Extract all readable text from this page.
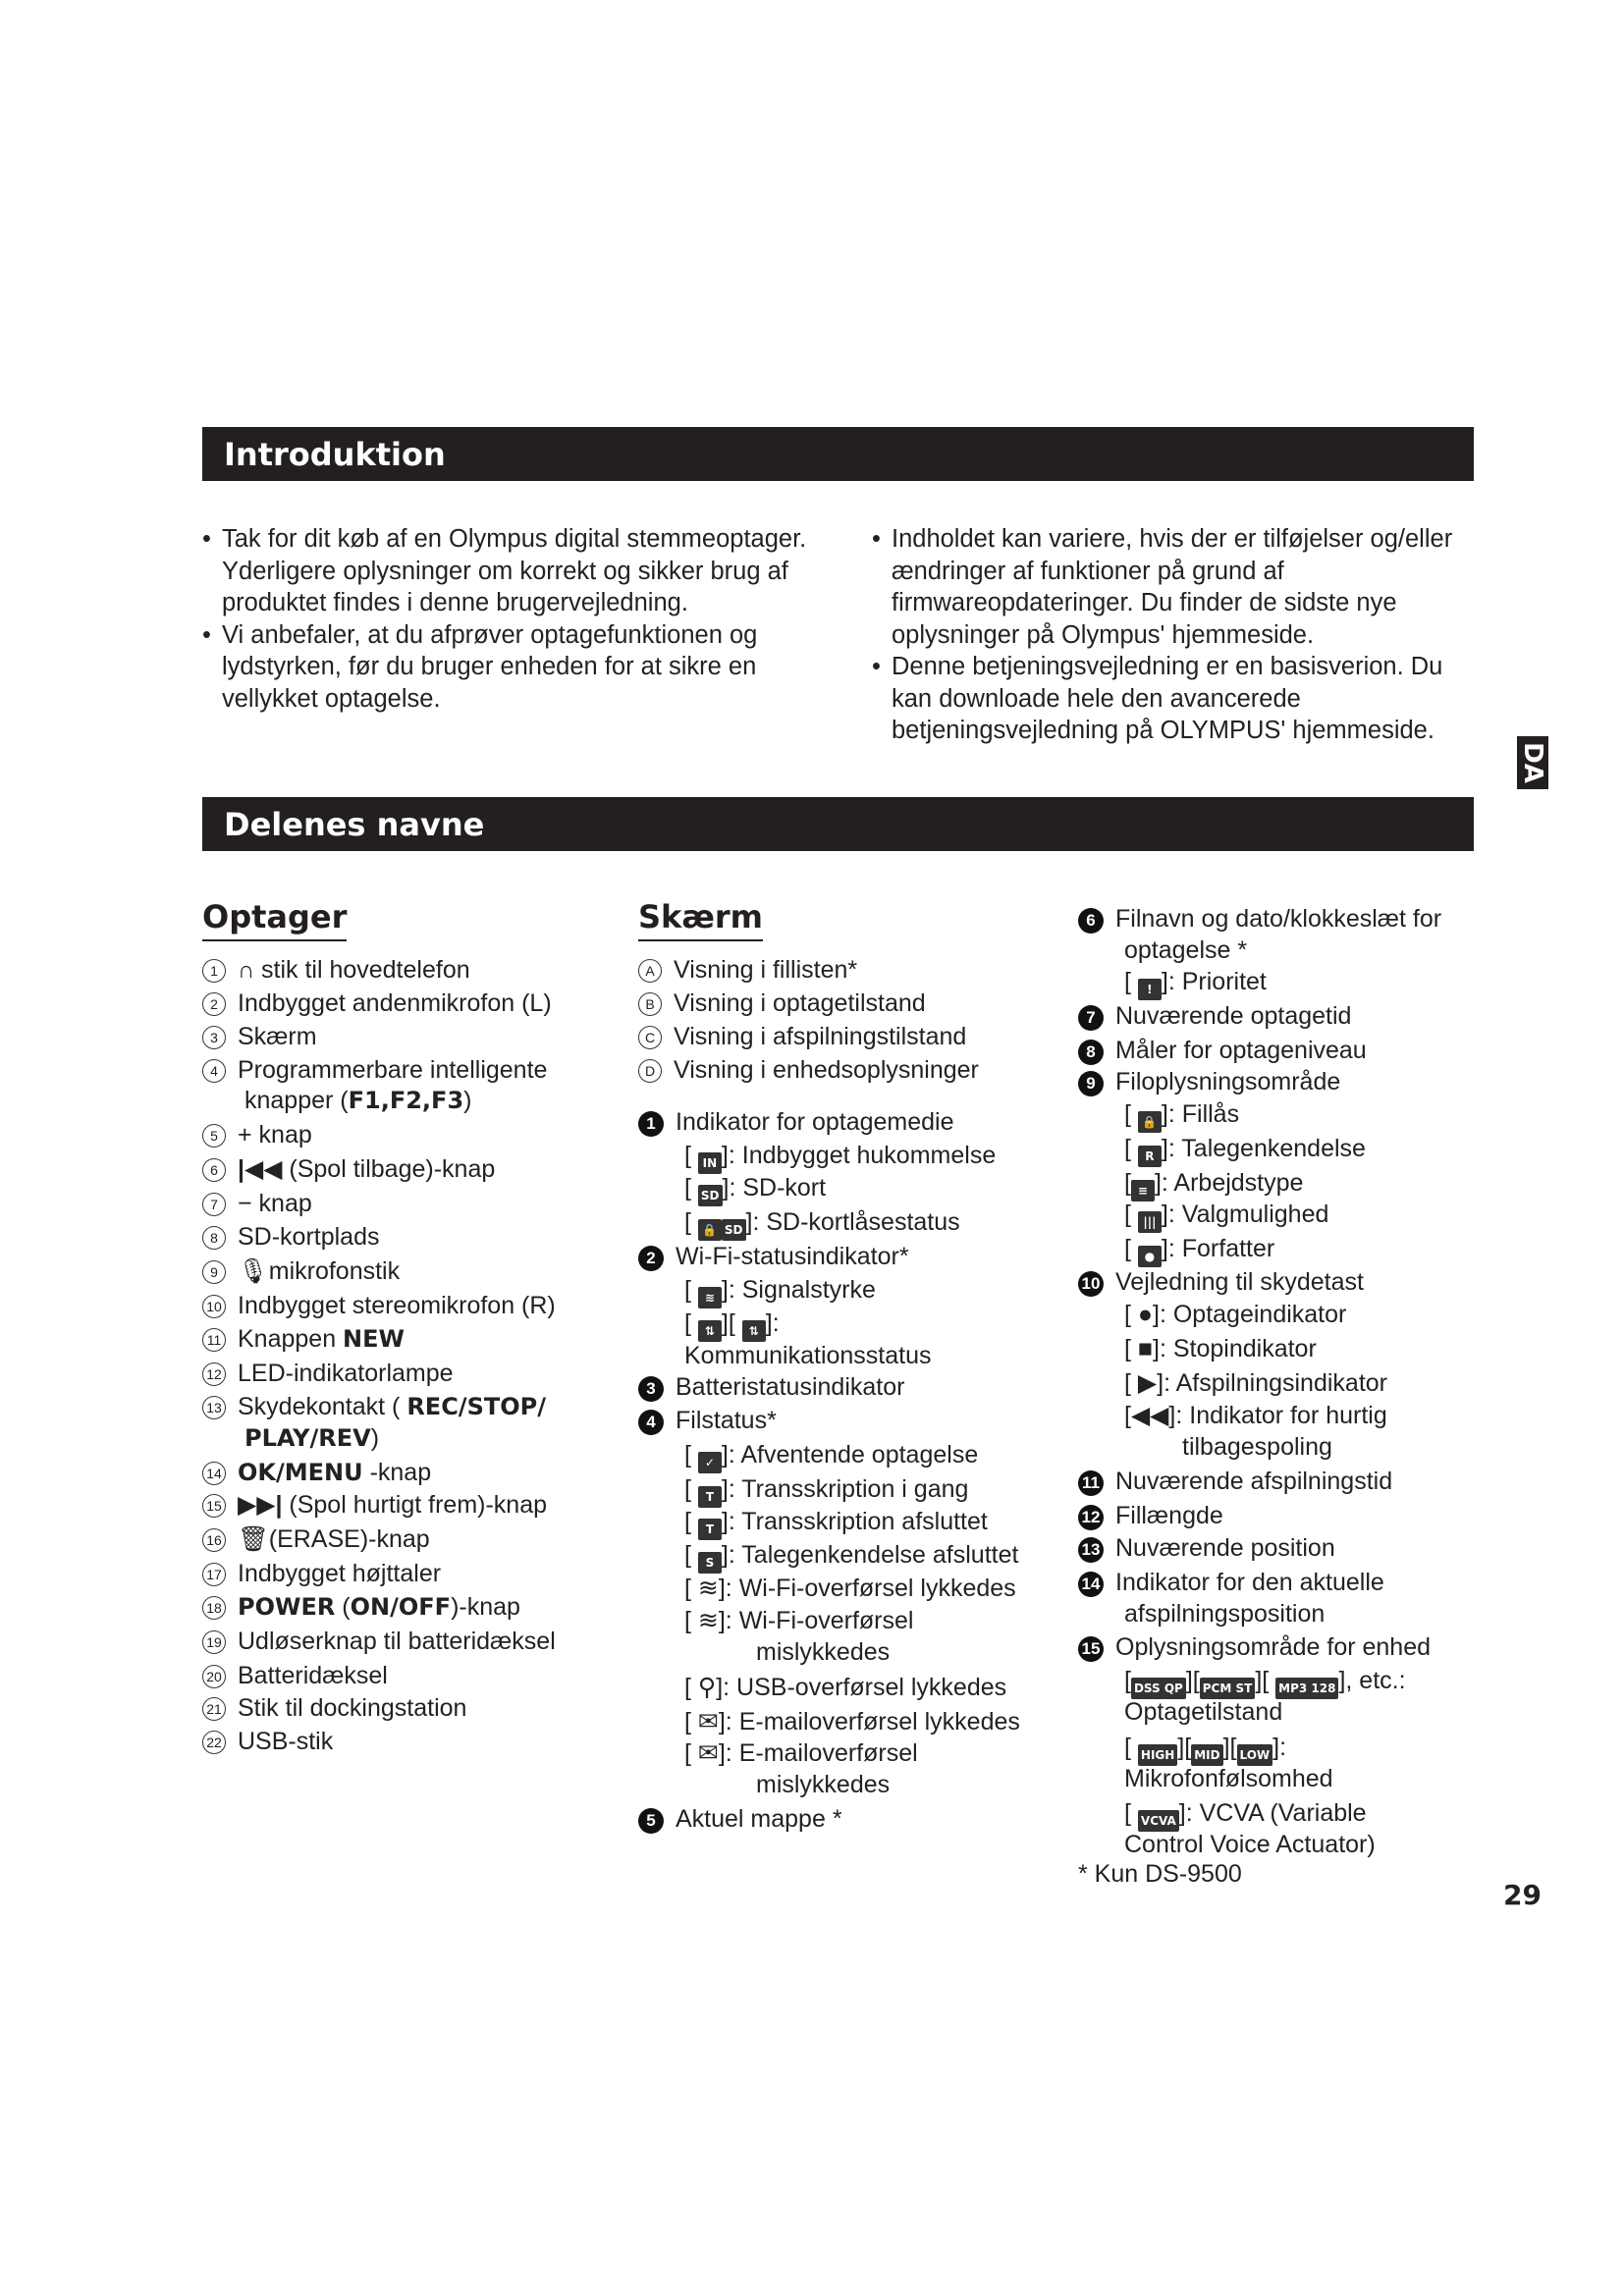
Introduktion
Delenes navne
• Tak for dit køb af en Olympus digital stemmeoptager. Yderligere oplysninger om korrekt og sikker brug af produktet findes i denne brugervejledning.
• Vi anbefaler, at du afprøver optagefunktionen og lydstyrken, før du bruger enheden for at sikre en vellykket optagelse.
• Indholdet kan variere, hvis der er tilføjelser og/eller ændringer af funktioner på grund af firmwareopdateringer. Du finder de sidste nye oplysninger på Olympus' hjemmeside.
• Denne betjeningsvejledning er en basisverion. Du kan downloade hele den avancerede betjeningsvejledning på OLYMPUS' hjemmeside.
DA
Optager	Skærm
1 ∩ stik til hovedtelefon
2 Indbygget andenmikrofon (L)
3 Skærm
4 Programmerbare intelligente
knapper (F1,F2,F3)
5 + knap
6 |◀◀ (Spol tilbage)-knap
7 − knap
8 SD-kortplads
9 🎙mikrofonstik
10 Indbygget stereomikrofon (R)
11 Knappen NEW
12 LED-indikatorlampe
13 Skydekontakt ( REC/STOP/
PLAY/REV)
14 OK/MENU -knap
15 ▶▶| (Spol hurtigt frem)-knap
16 🗑(ERASE)-knap
17 Indbygget højttaler
18 POWER (ON/OFF)-knap
19 Udløserknap til batteridæksel
20 Batteridæksel
21 Stik til dockingstation
22 USB-stik
A Visning i fillisten*
B Visning i optagetilstand
C Visning i afspilningstilstand
D Visning i enhedsoplysninger
1 Indikator for optagemedie
[ IN ]: Indbygget hukommelse
[ SD ]: SD-kort
[ 🔒 SD ]: SD-kortlåsestatus
2 Wi-Fi-statusindikator*
[ ≋ ]: Signalstyrke
[ ⇅ ][ ⇅ ]:
Kommunikationsstatus
3 Batteristatusindikator
4 Filstatus*
[ ✓ ]: Afventende optagelse
[ T ]: Transskription i gang
[ T ]: Transskription afsluttet
[ S ]: Talegenkendelse afsluttet
[ ≋]: Wi-Fi-overførsel lykkedes
[ ≋]: Wi-Fi-overførsel
mislykkedes
[ ⚲]: USB-overførsel lykkedes
[ ✉]: E-mailoverførsel lykkedes
[ ✉]: E-mailoverførsel
mislykkedes
5 Aktuel mappe *
6 Filnavn og dato/klokkeslæt for
optagelse *
[ ! ]: Prioritet
7 Nuværende optagetid
8 Måler for optageniveau
9 Filoplysningsområde
[ 🔒 ]: Fillås
[ R ]: Talegenkendelse
[ ≡ ]: Arbejdstype
[ ||| ]: Valgmulighed
[ ● ]: Forfatter
10 Vejledning til skydetast
[ ●]: Optageindikator
[ ■]: Stopindikator
[ ▶]: Afspilningsindikator
[◀◀]: Indikator for hurtig
tilbagespoling
11 Nuværende afspilningstid
12 Fillængde
13 Nuværende position
14 Indikator for den aktuelle
afspilningsposition
15 Oplysningsområde for enhed
[ DSS QP ][ PCM ST ][ MP3 128 ], etc.:
Optagetilstand
[ HIGH ][ MID ][ LOW ]:
Mikrofonfølsomhed
[ VCVA ]: VCVA (Variable
Control Voice Actuator)
* Kun DS-9500
29
